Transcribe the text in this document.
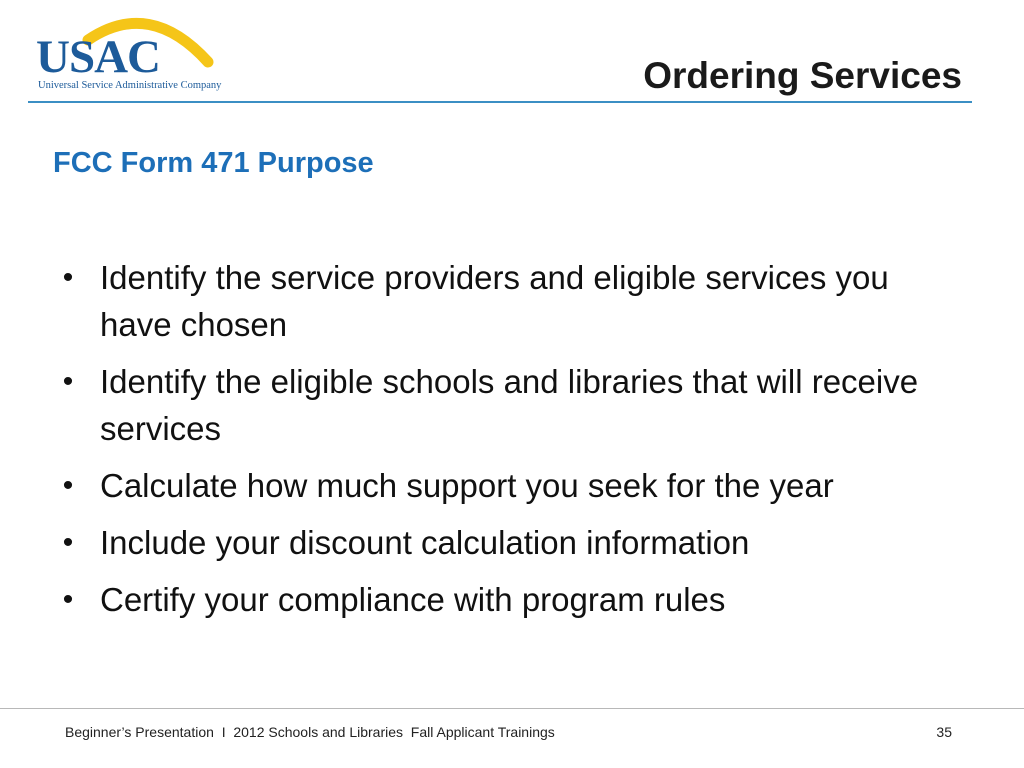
USAC
Universal Service Administrative Company	Ordering Services
FCC Form 471 Purpose
• Identify the service providers and eligible services you have chosen
• Identify the eligible schools and libraries that will receive services
• Calculate how much support you seek for the year
• Include your discount calculation information
• Certify your compliance with program rules
Beginner’s Presentation  I  2012 Schools and Libraries  Fall Applicant Trainings	35
